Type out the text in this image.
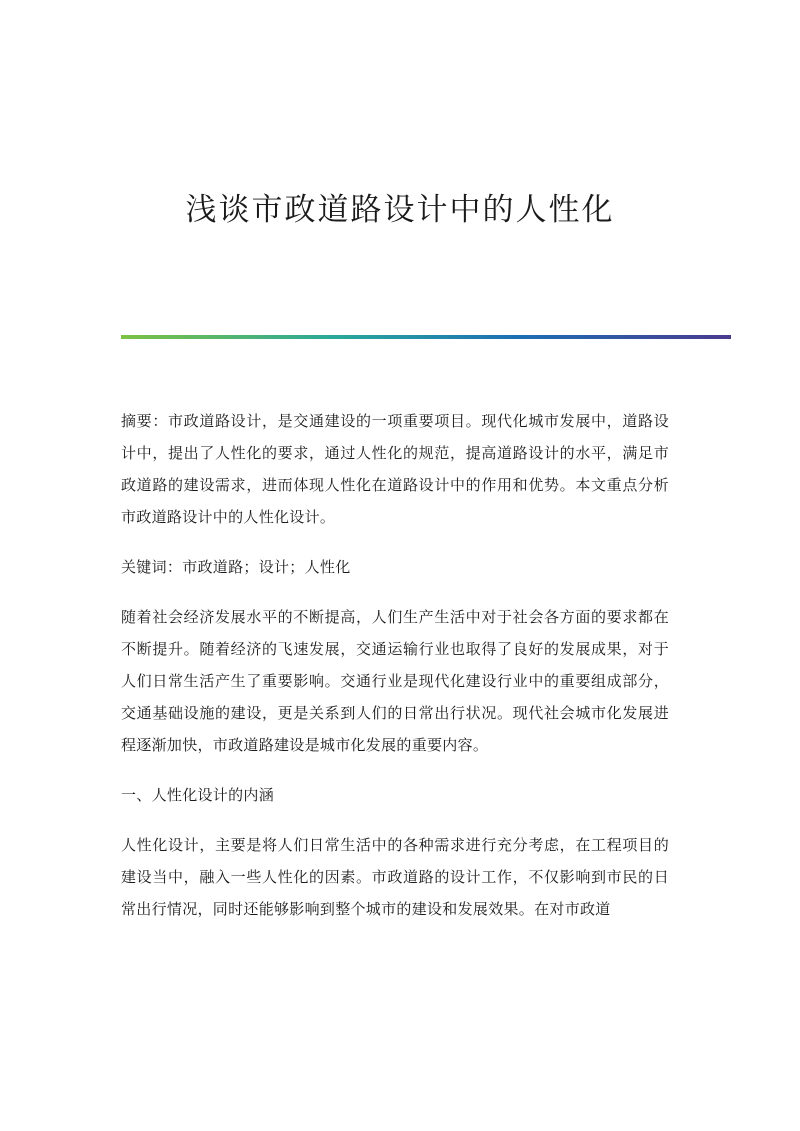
浅谈市政道路设计中的人性化

摘要：市政道路设计，是交通建设的一项重要项目。现代化城市发展中，道路设计中，提出了人性化的要求，通过人性化的规范，提高道路设计的水平，满足市政道路的建设需求，进而体现人性化在道路设计中的作用和优势。本文重点分析市政道路设计中的人性化设计。

关键词：市政道路；设计；人性化

随着社会经济发展水平的不断提高，人们生产生活中对于社会各方面的要求都在不断提升。随着经济的飞速发展，交通运输行业也取得了良好的发展成果，对于人们日常生活产生了重要影响。交通行业是现代化建设行业中的重要组成部分，交通基础设施的建设，更是关系到人们的日常出行状况。现代社会城市化发展进程逐渐加快，市政道路建设是城市化发展的重要内容。

一、人性化设计的内涵

人性化设计，主要是将人们日常生活中的各种需求进行充分考虑，在工程项目的建设当中，融入一些人性化的因素。市政道路的设计工作，不仅影响到市民的日常出行情况，同时还能够影响到整个城市的建设和发展效果。在对市政道
